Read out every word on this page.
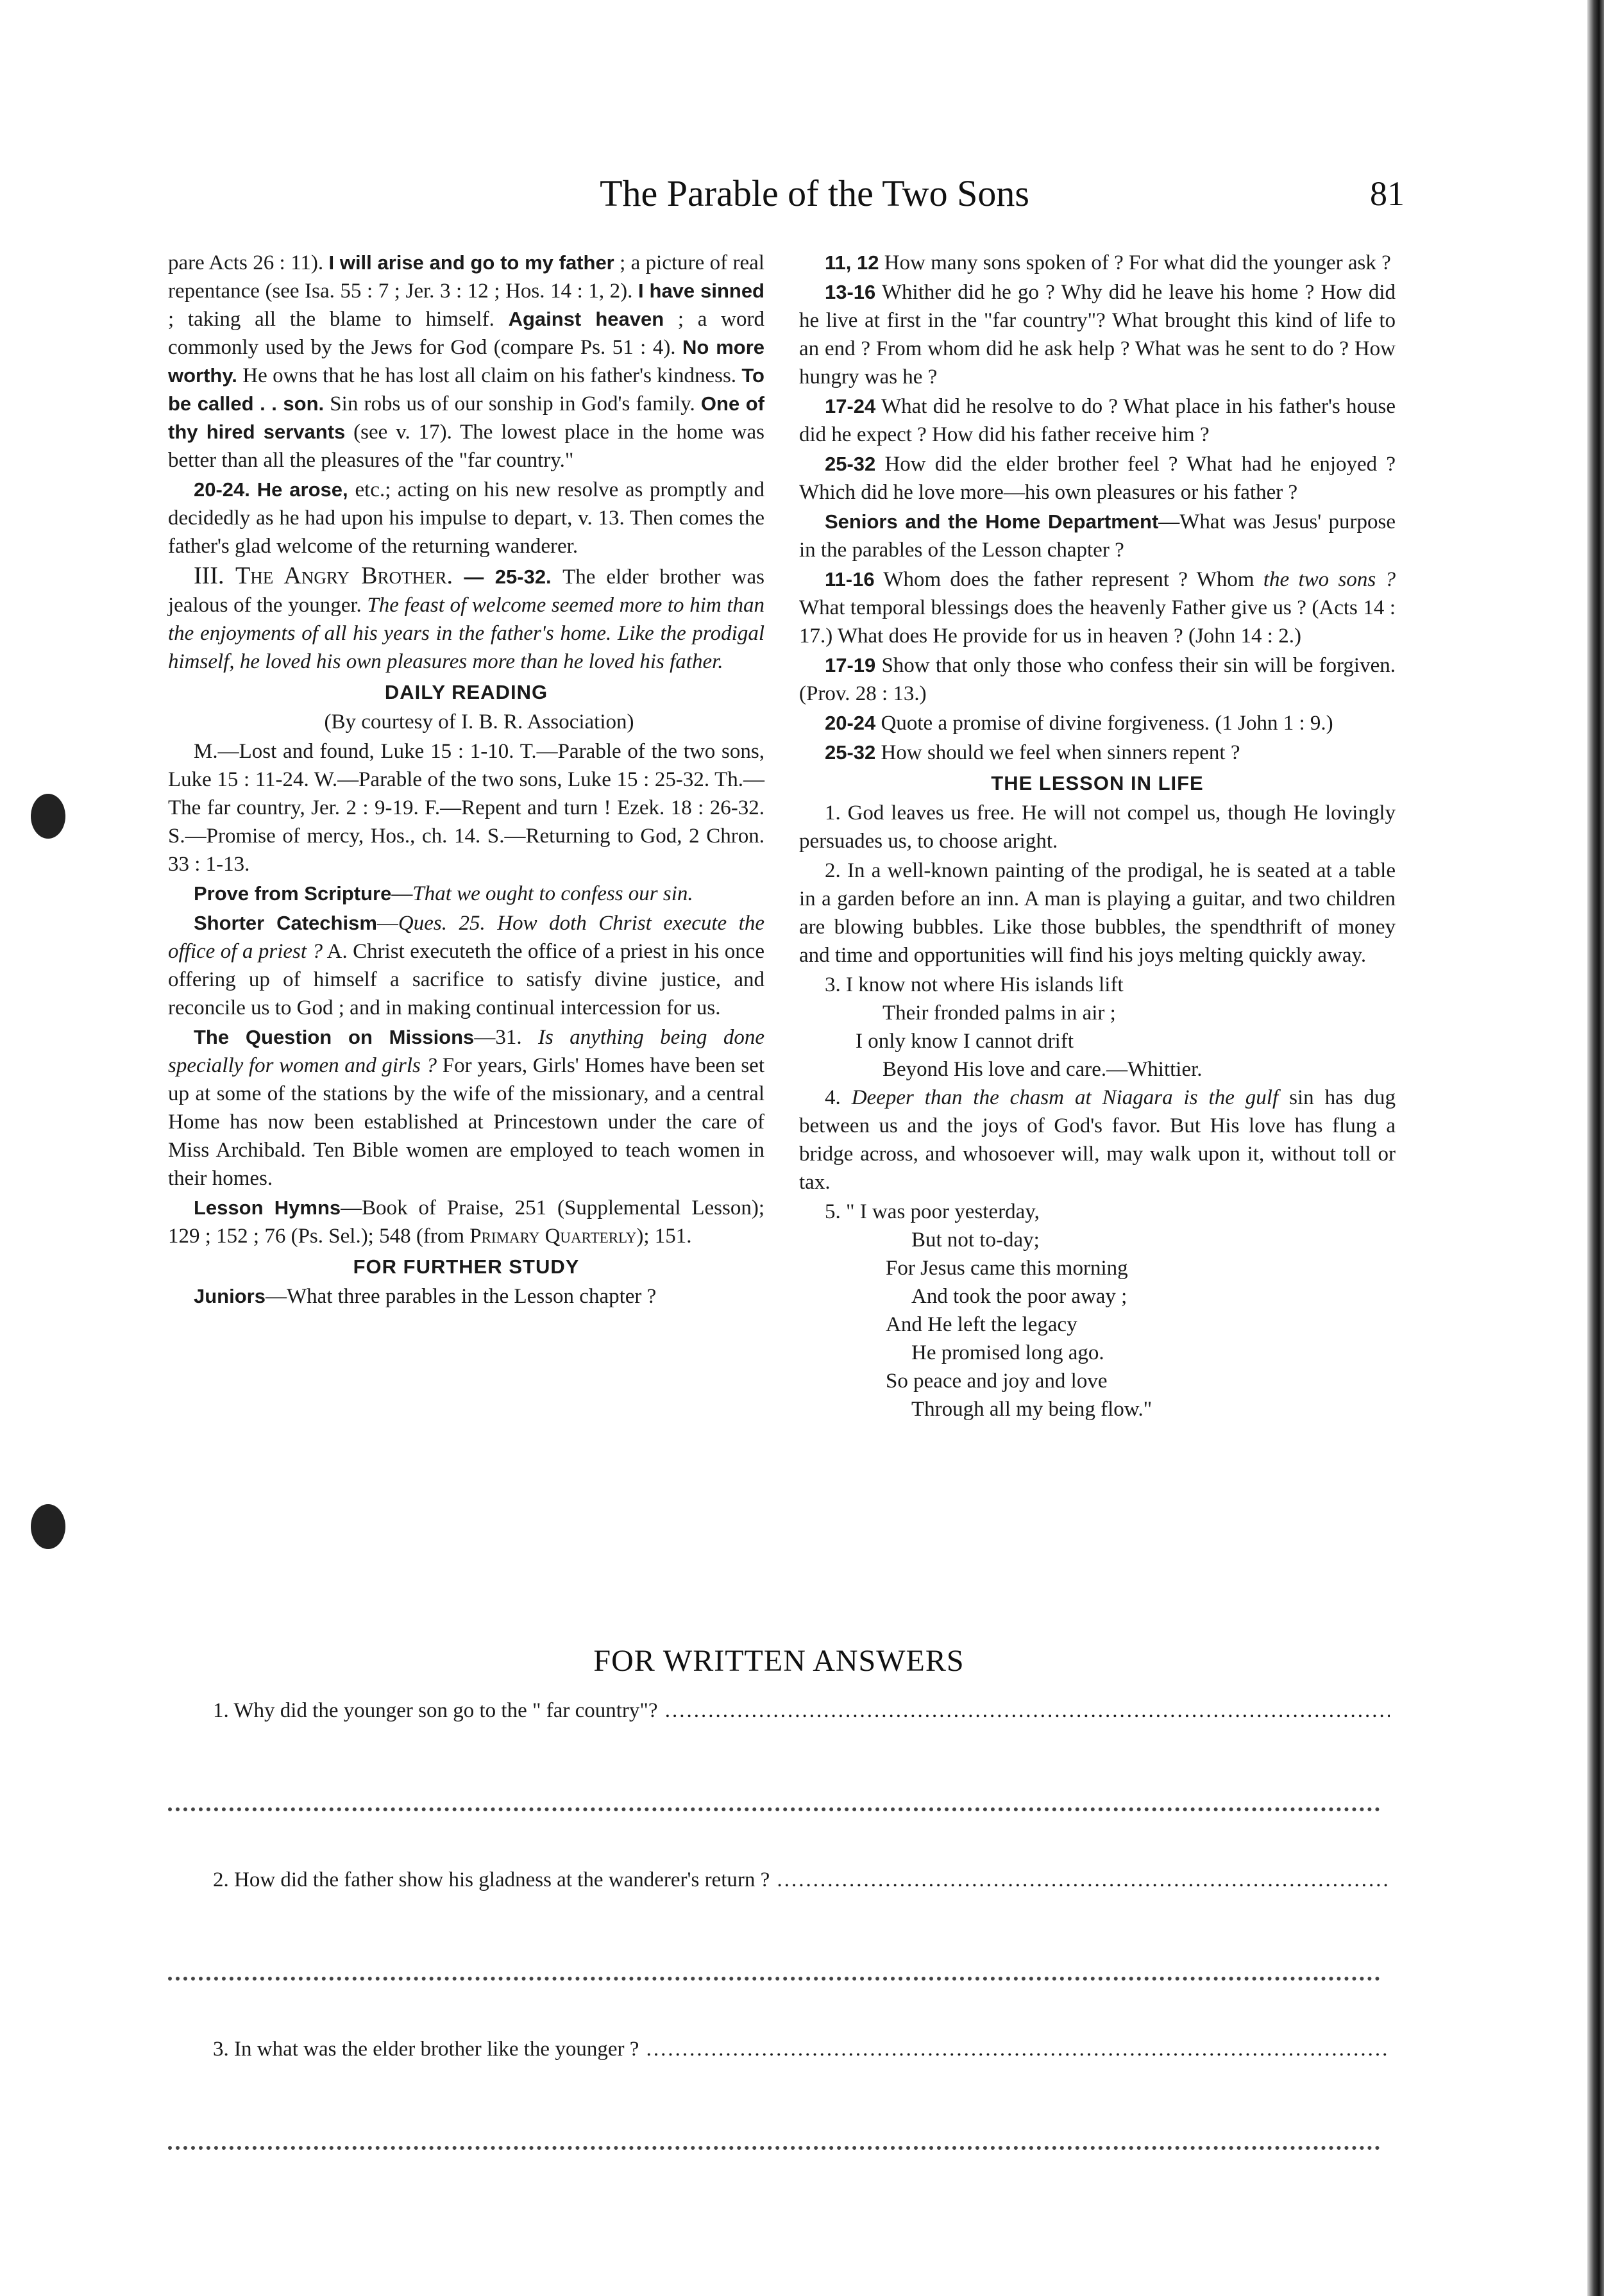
The Parable of the Two Sons	81

pare Acts 26 : 11). I will arise and go to my father ; a picture of real repentance (see Isa. 55 : 7 ; Jer. 3 : 12 ; Hos. 14 : 1, 2). I have sinned ; taking all the blame to himself. Against heaven ; a word commonly used by the Jews for God (compare Ps. 51 : 4). No more worthy. He owns that he has lost all claim on his father's kindness. To be called . . son. Sin robs us of our sonship in God's family. One of thy hired servants (see v. 17). The lowest place in the home was better than all the pleasures of the "far country."

20-24. He arose, etc.; acting on his new resolve as promptly and decidedly as he had upon his impulse to depart, v. 13. Then comes the father's glad welcome of the returning wanderer.

III. The Angry Brother. — 25-32. The elder brother was jealous of the younger. The feast of welcome seemed more to him than the enjoyments of all his years in the father's home. Like the prodigal himself, he loved his own pleasures more than he loved his father.

DAILY READING

(By courtesy of I. B. R. Association)

M.—Lost and found, Luke 15 : 1-10. T.—Parable of the two sons, Luke 15 : 11-24. W.—Parable of the two sons, Luke 15 : 25-32. Th.—The far country, Jer. 2 : 9-19. F.—Repent and turn ! Ezek. 18 : 26-32. S.—Promise of mercy, Hos., ch. 14. S.—Returning to God, 2 Chron. 33 : 1-13.

Prove from Scripture—That we ought to confess our sin.

Shorter Catechism—Ques. 25. How doth Christ execute the office of a priest ? A. Christ executeth the office of a priest in his once offering up of himself a sacrifice to satisfy divine justice, and reconcile us to God ; and in making continual intercession for us.

The Question on Missions—31. Is anything being done specially for women and girls ? For years, Girls' Homes have been set up at some of the stations by the wife of the missionary, and a central Home has now been established at Princestown under the care of Miss Archibald. Ten Bible women are employed to teach women in their homes.

Lesson Hymns—Book of Praise, 251 (Supplemental Lesson); 129 ; 152 ; 76 (Ps. Sel.); 548 (from Primary Quarterly); 151.

FOR FURTHER STUDY

Juniors—What three parables in the Lesson chapter ?

11, 12 How many sons spoken of ? For what did the younger ask ?

13-16 Whither did he go ? Why did he leave his home ? How did he live at first in the "far country"? What brought this kind of life to an end ? From whom did he ask help ? What was he sent to do ? How hungry was he ?

17-24 What did he resolve to do ? What place in his father's house did he expect ? How did his father receive him ?

25-32 How did the elder brother feel ? What had he enjoyed ? Which did he love more—his own pleasures or his father ?

Seniors and the Home Department—What was Jesus' purpose in the parables of the Lesson chapter ?

11-16 Whom does the father represent ? Whom the two sons ? What temporal blessings does the heavenly Father give us ? (Acts 14 : 17.) What does He provide for us in heaven ? (John 14 : 2.)

17-19 Show that only those who confess their sin will be forgiven. (Prov. 28 : 13.)

20-24 Quote a promise of divine forgiveness. (1 John 1 : 9.)

25-32 How should we feel when sinners repent ?

THE LESSON IN LIFE

1. God leaves us free. He will not compel us, though He lovingly persuades us, to choose aright.

2. In a well-known painting of the prodigal, he is seated at a table in a garden before an inn. A man is playing a guitar, and two children are blowing bubbles. Like those bubbles, the spendthrift of money and time and opportunities will find his joys melting quickly away.

3. I know not where His islands lift
Their fronded palms in air ;
I only know I cannot drift
Beyond His love and care.—Whittier.

4. Deeper than the chasm at Niagara is the gulf sin has dug between us and the joys of God's favor. But His love has flung a bridge across, and whosoever will, may walk upon it, without toll or tax.

5. " I was poor yesterday,
But not to-day;
For Jesus came this morning
And took the poor away ;
And He left the legacy
He promised long ago.
So peace and joy and love
Through all my being flow."
FOR WRITTEN ANSWERS
1. Why did the younger son go to the " far country"? .....
2. How did the father show his gladness at the wanderer's return ? .....
3. In what was the elder brother like the younger ? .....
